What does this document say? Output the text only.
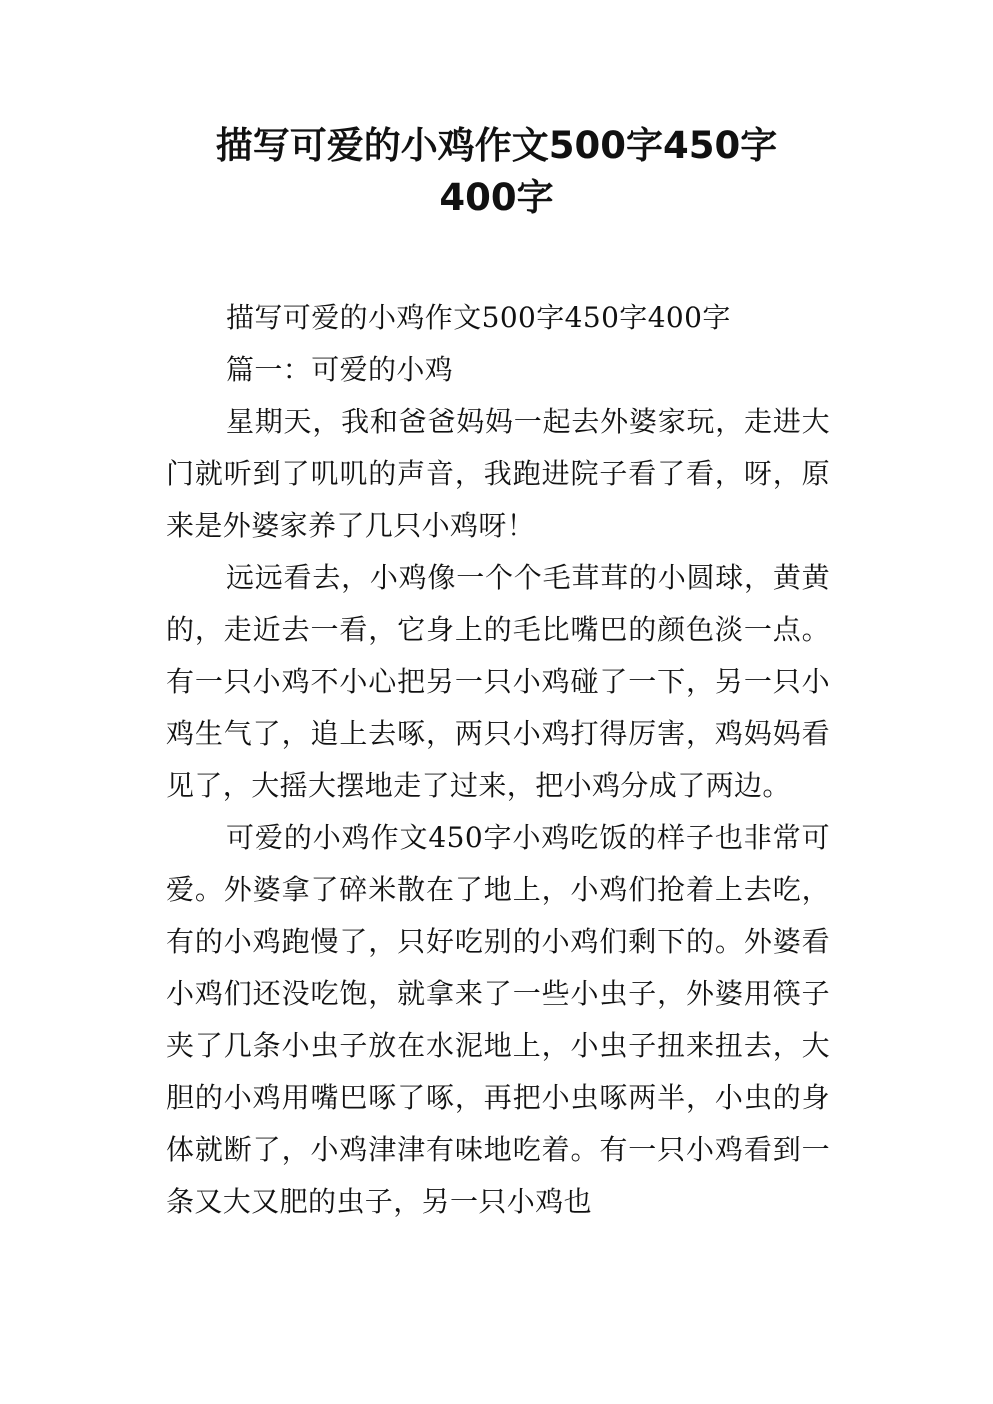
描写可爱的小鸡作文500字450字
400字

描写可爱的小鸡作文500字450字400字

篇一：可爱的小鸡

星期天，我和爸爸妈妈一起去外婆家玩，走进大门就听到了叽叽的声音，我跑进院子看了看，呀，原来是外婆家养了几只小鸡呀！

远远看去，小鸡像一个个毛茸茸的小圆球，黄黄的，走近去一看，它身上的毛比嘴巴的颜色淡一点。有一只小鸡不小心把另一只小鸡碰了一下，另一只小鸡生气了，追上去啄，两只小鸡打得厉害，鸡妈妈看见了，大摇大摆地走了过来，把小鸡分成了两边。

可爱的小鸡作文450字小鸡吃饭的样子也非常可爱。外婆拿了碎米散在了地上，小鸡们抢着上去吃，有的小鸡跑慢了，只好吃别的小鸡们剩下的。外婆看小鸡们还没吃饱，就拿来了一些小虫子，外婆用筷子夹了几条小虫子放在水泥地上，小虫子扭来扭去，大胆的小鸡用嘴巴啄了啄，再把小虫啄两半，小虫的身体就断了，小鸡津津有味地吃着。有一只小鸡看到一条又大又肥的虫子，另一只小鸡也
